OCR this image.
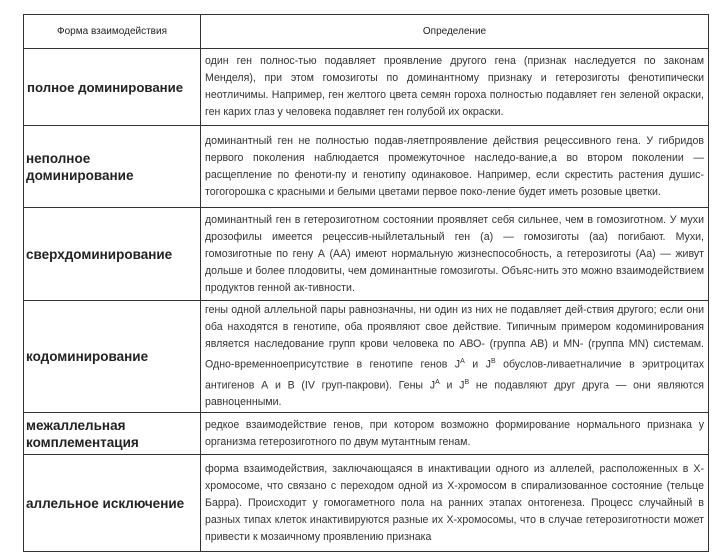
Форма взаимодействия	Определение
полное доминирование	один ген полнос-тью подавляет проявление другого гена (признак наследуется по законам Менделя), при этом гомозиготы по доминантному признаку и гетерозиготы фенотипически неотличимы. Например, ген желтого цвета семян гороха полностью подавляет ген зеленой окраски, ген карих глаз у человека подавляет ген голубой их окраски.
неполное доминирование	доминантный ген не полностью подав-ляетпроявление действия рецессивного гена. У гибридов первого поколения наблюдается промежуточное наследо-вание,а во втором поколении — расщепление по феноти-пу и генотипу одинаковое. Например, если скрестить растения душис-тогогорошка с красными и белыми цветами первое поко-ление будет иметь розовые цветки.
сверхдоминирование	доминантный ген в гетерозиготном состоянии проявляет себя сильнее, чем в гомозиготном. У мухи дрозофилы имеется рецессив-ныйлетальный ген (а) — гомозиготы (аа) погибают. Мухи, гомозиготные по гену А (АА) имеют нормальную жизнеспособность, а гетерозиготы (Аа) — живут дольше и более плодовиты, чем доминантные гомозиготы. Объяс-нить это можно взаимодействием продуктов генной ак-тивности.
кодоминирование	гены одной аллельной пары равнозначны, ни один из них не подавляет дей-ствия другого; если они оба находятся в генотипе, оба проявляют свое действие. Типичным примером кодоминирования является наследование групп крови человека по АВО- (группа АВ) и MN- (группа MN) системам. Одно-временноеприсутствие в генотипе генов $J^A$ и $J^B$ обуслов-ливаетналичие в эритроцитах антигенов А и В (IV груп-пакрови). Гены $J^A$ и $J^B$ не подавляют друг друга — они являются равноценными.
межаллельная комплементация	редкое взаимодействие генов, при котором возможно формирование нормального признака у организма гетерозиготного по двум мутантным генам.
аллельное исключение	форма взаимодействия, заключающаяся в инактивации одного из аллелей, расположенных в Х-хромосоме, что связано с переходом одной из Х-хромосом в спирализованное состояние (тельце Барра). Происходит у гомогаметного пола на ранних этапах онтогенеза. Процесс случайный в разных типах клеток инактивируются разные их Х-хромосомы, что в случае гетерозиготности может привести к мозаичному проявлению признака
